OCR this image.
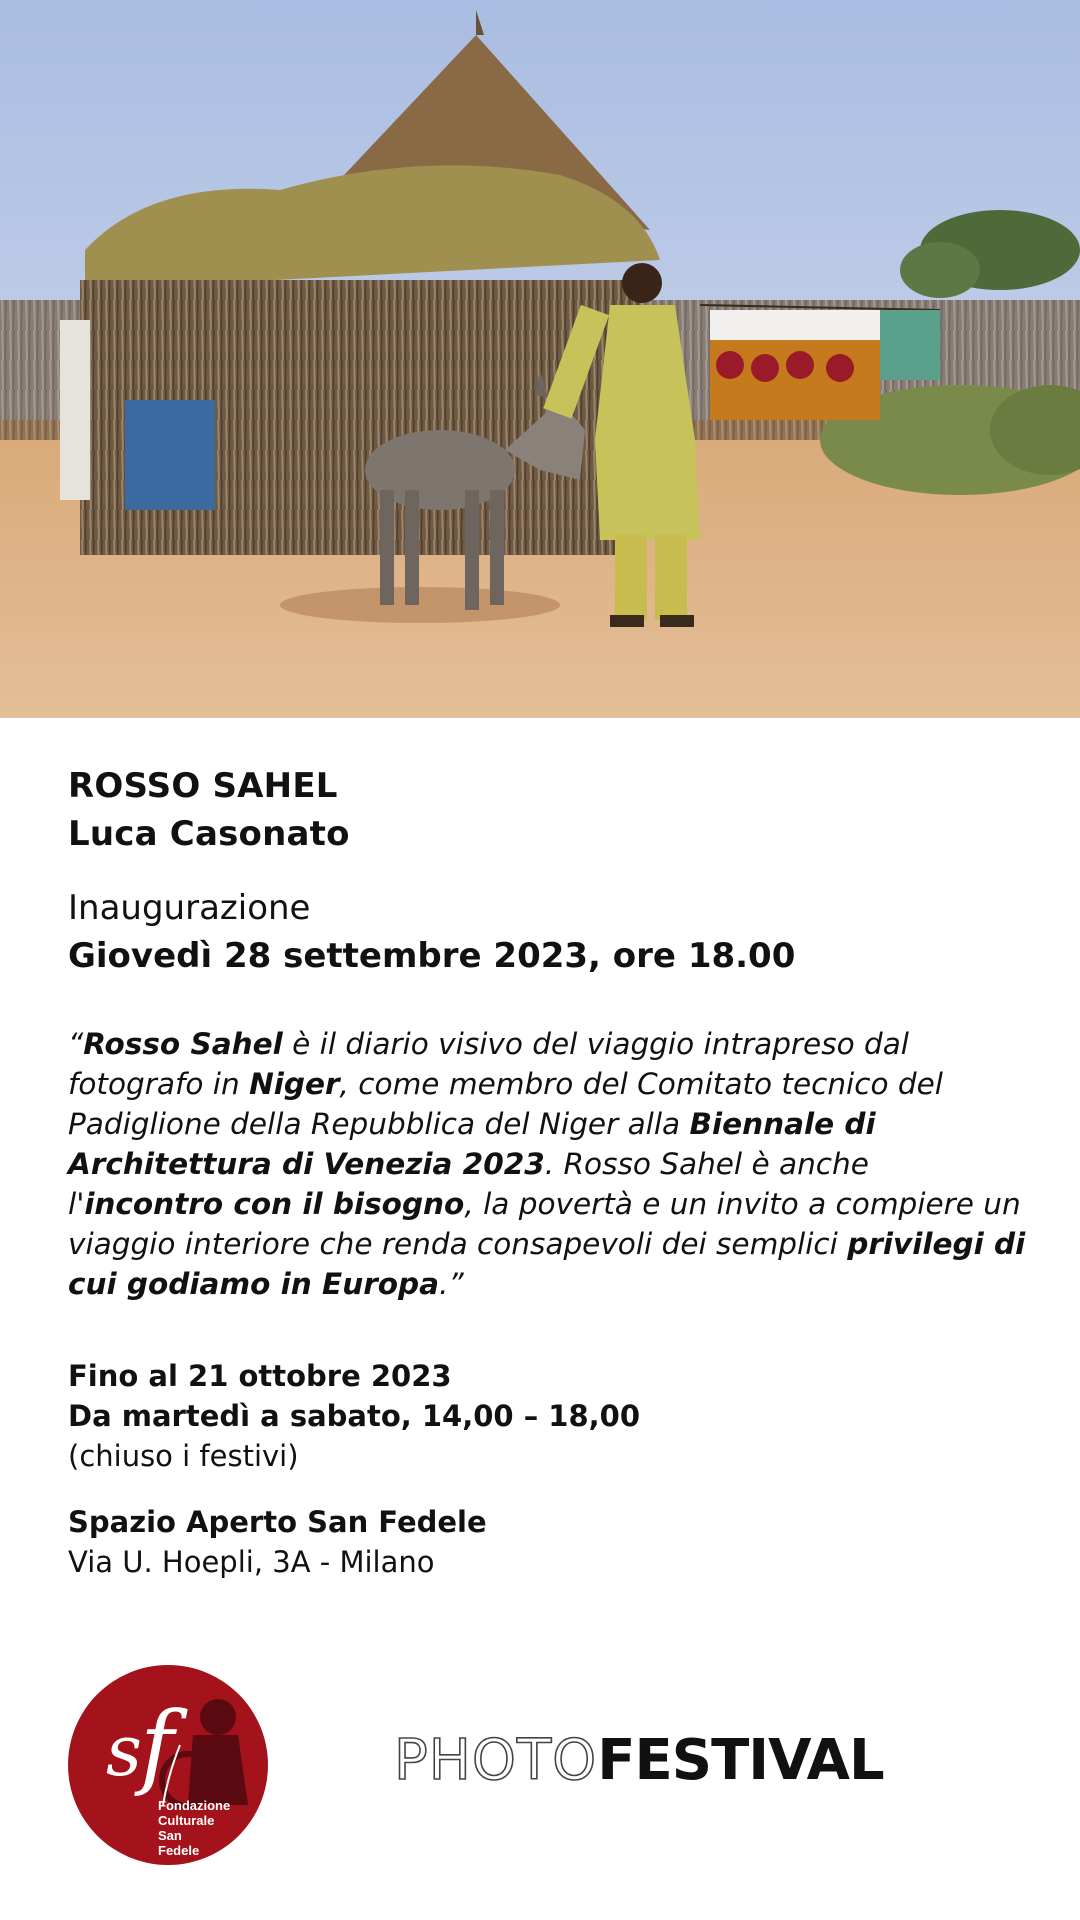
ROSSO SAHEL
Luca Casonato
Inaugurazione
Giovedì 28 settembre 2023, ore 18.00
“Rosso Sahel è il diario visivo del viaggio intrapreso dal fotografo in Niger, come membro del Comitato tecnico del Padiglione della Repubblica del Niger alla Biennale di Architettura di Venezia 2023. Rosso Sahel è anche l'incontro con il bisogno, la povertà e un invito a compiere un viaggio interiore che renda consapevoli dei semplici privilegi di cui godiamo in Europa.”
Fino al 21 ottobre 2023
Da martedì a sabato, 14,00 – 18,00
(chiuso i festivi)
Spazio Aperto San Fedele
Via U. Hoepli, 3A - Milano
s
f
Fondazione
Culturale
San
Fedele
PHOTO FESTIVAL
